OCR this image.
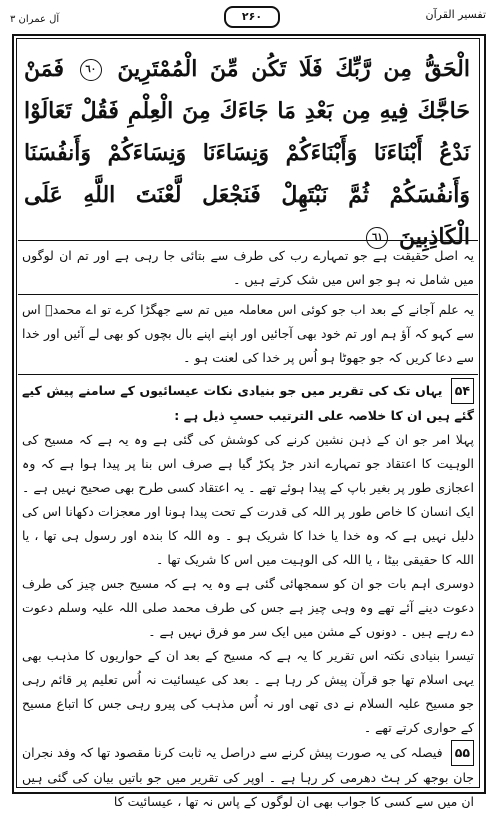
تفسیر القرآن
۲۶۰
آل عمران ۳
الْحَقُّ مِن رَّبِّكَ فَلَا تَكُن مِّنَ الْمُمْتَرِينَ ٦٠ فَمَنْ حَاجَّكَ فِيهِ مِن بَعْدِ مَا جَاءَكَ مِنَ الْعِلْمِ فَقُلْ تَعَالَوْا نَدْعُ أَبْنَاءَنَا وَأَبْنَاءَكُمْ وَنِسَاءَنَا وَنِسَاءَكُمْ وَأَنفُسَنَا وَأَنفُسَكُمْ ثُمَّ نَبْتَهِلْ فَنَجْعَل لَّعْنَتَ اللَّهِ عَلَى الْكَاذِبِينَ ٦١

یہ اصل حقیقت ہے جو تمہارے رب کی طرف سے بتائی جا رہی ہے اور تم ان لوگوں میں شامل نہ ہو جو اس میں شک کرتے ہیں ۔

یہ علم آجانے کے بعد اب جو کوئی اس معاملہ میں تم سے جھگڑا کرے تو اے محمدؐ اس سے کہو کہ آؤ ہم اور تم خود بھی آجائیں اور اپنے اپنے بال بچوں کو بھی لے آئیں اور خدا سے دعا کریں کہ جو جھوٹا ہو اُس پر خدا کی لعنت ہو ۔

۵۴ یہاں تک کی تقریر میں جو بنیادی نکات عیسائیوں کے سامنے پیش کیے گئے ہیں ان کا خلاصہ علی الترتیب حسبِ ذیل ہے :

پہلا امر جو ان کے ذہن نشین کرنے کی کوشش کی گئی ہے وہ یہ ہے کہ مسیح کی الوہیت کا اعتقاد جو تمہارے اندر جڑ پکڑ گیا ہے صرف اس بنا پر پیدا ہوا ہے کہ وہ اعجازی طور پر بغیر باپ کے پیدا ہوئے تھے ۔ یہ اعتقاد کسی طرح بھی صحیح نہیں ہے ۔ ایک انسان کا خاص طور پر اللہ کی قدرت کے تحت پیدا ہونا اور معجزات دکھانا اس کی دلیل نہیں ہے کہ وہ خدا یا خدا کا شریک ہو ۔ وہ اللہ کا بندہ اور رسول ہی تھا ، یا اللہ کا حقیقی بیٹا ، یا اللہ کی الوہیت میں اس کا شریک تھا ۔

دوسری اہم بات جو ان کو سمجھائی گئی ہے وہ یہ ہے کہ مسیح جس چیز کی طرف دعوت دینے آئے تھے وہ وہی چیز ہے جس کی طرف محمد صلی اللہ علیہ وسلم دعوت دے رہے ہیں ۔ دونوں کے مشن میں ایک سر مو فرق نہیں ہے ۔

تیسرا بنیادی نکتہ اس تقریر کا یہ ہے کہ مسیح کے بعد ان کے حواریوں کا مذہب بھی یہی اسلام تھا جو قرآن پیش کر رہا ہے ۔ بعد کی عیسائیت نہ اُس تعلیم پر قائم رہی جو مسیح علیہ السلام نے دی تھی اور نہ اُس مذہب کی پیرو رہی جس کا اتباع مسیح کے حواری کرتے تھے ۔

۵۵ فیصلہ کی یہ صورت پیش کرنے سے دراصل یہ ثابت کرنا مقصود تھا کہ وفد نجران جان بوجھ کر ہٹ دھرمی کر رہا ہے ۔ اوپر کی تقریر میں جو باتیں بیان کی گئی ہیں ان میں سے کسی کا جواب بھی ان لوگوں کے پاس نہ تھا ، عیسائیت کا
